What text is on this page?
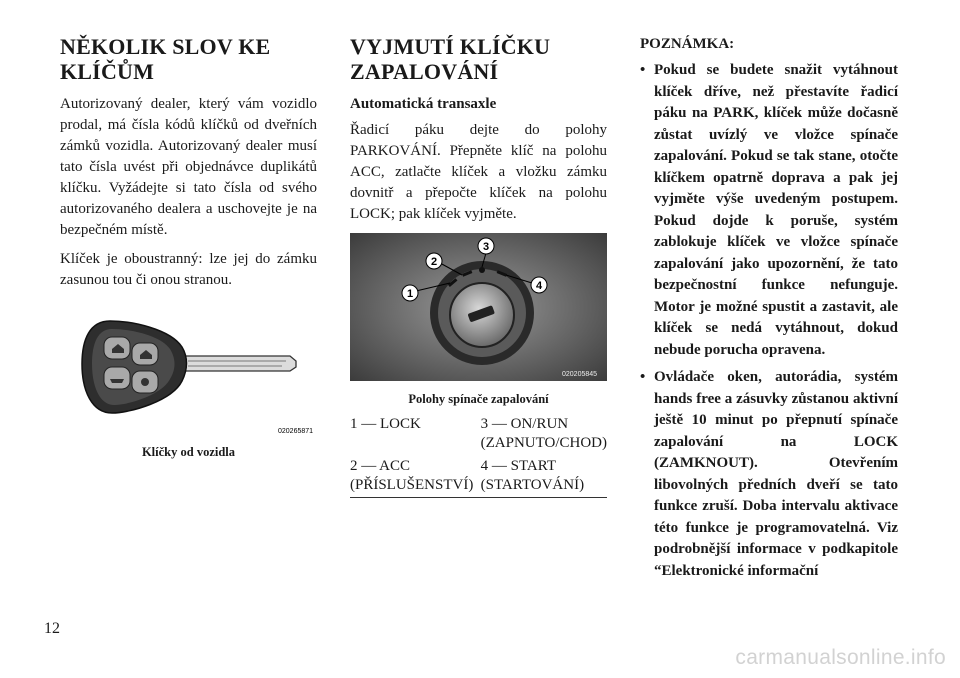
NĚKOLIK SLOV KE KLÍČŮM

Autorizovaný dealer, který vám vozidlo prodal, má čísla kódů klíčků od dveřních zámků vozidla. Autorizovaný dealer musí tato čísla uvést při objednávce duplikátů klíčku. Vyžádejte si tato čísla od svého autorizovaného dealera a uschovejte je na bezpečném místě.

Klíček je oboustranný: lze jej do zámku zasunou tou či onou stranou.

020265871
Klíčky od vozidla
VYJMUTÍ KLÍČKU ZAPALOVÁNÍ
Automatická transaxle

Řadicí páku dejte do polohy PARKOVÁNÍ. Přepněte klíč na polohu ACC, zatlačte klíček a vložku zámku dovnitř a přepočte klíček na polohu LOCK; pak klíček vyjměte.

1
2
3
4
020205845
Polohy spínače zapalování
1 — LOCK	3 — ON/RUN (ZAPNUTO/CHOD)
2 — ACC (PŘÍSLUŠENSTVÍ)	4 — START (STARTOVÁNÍ)
POZNÁMKA:
• Pokud se budete snažit vytáhnout klíček dříve, než přestavíte řadicí páku na PARK, klíček může dočasně zůstat uvízlý ve vložce spínače zapalování. Pokud se tak stane, otočte klíčkem opatrně doprava a pak jej vyjměte výše uvedeným postupem. Pokud dojde k poruše, systém zablokuje klíček ve vložce spínače zapalování jako upozornění, že tato bezpečnostní funkce nefunguje. Motor je možné spustit a zastavit, ale klíček se nedá vytáhnout, dokud nebude porucha opravena.
• Ovládače oken, autorádia, systém hands free a zásuvky zůstanou aktivní ještě 10 minut po přepnutí spínače zapalování na LOCK (ZAMKNOUT). Otevřením libovolných předních dveří se tato funkce zruší. Doba intervalu aktivace této funkce je programovatelná. Viz podrobnější informace v podkapitole “Elektronické informační
12
carmanualsonline.info
